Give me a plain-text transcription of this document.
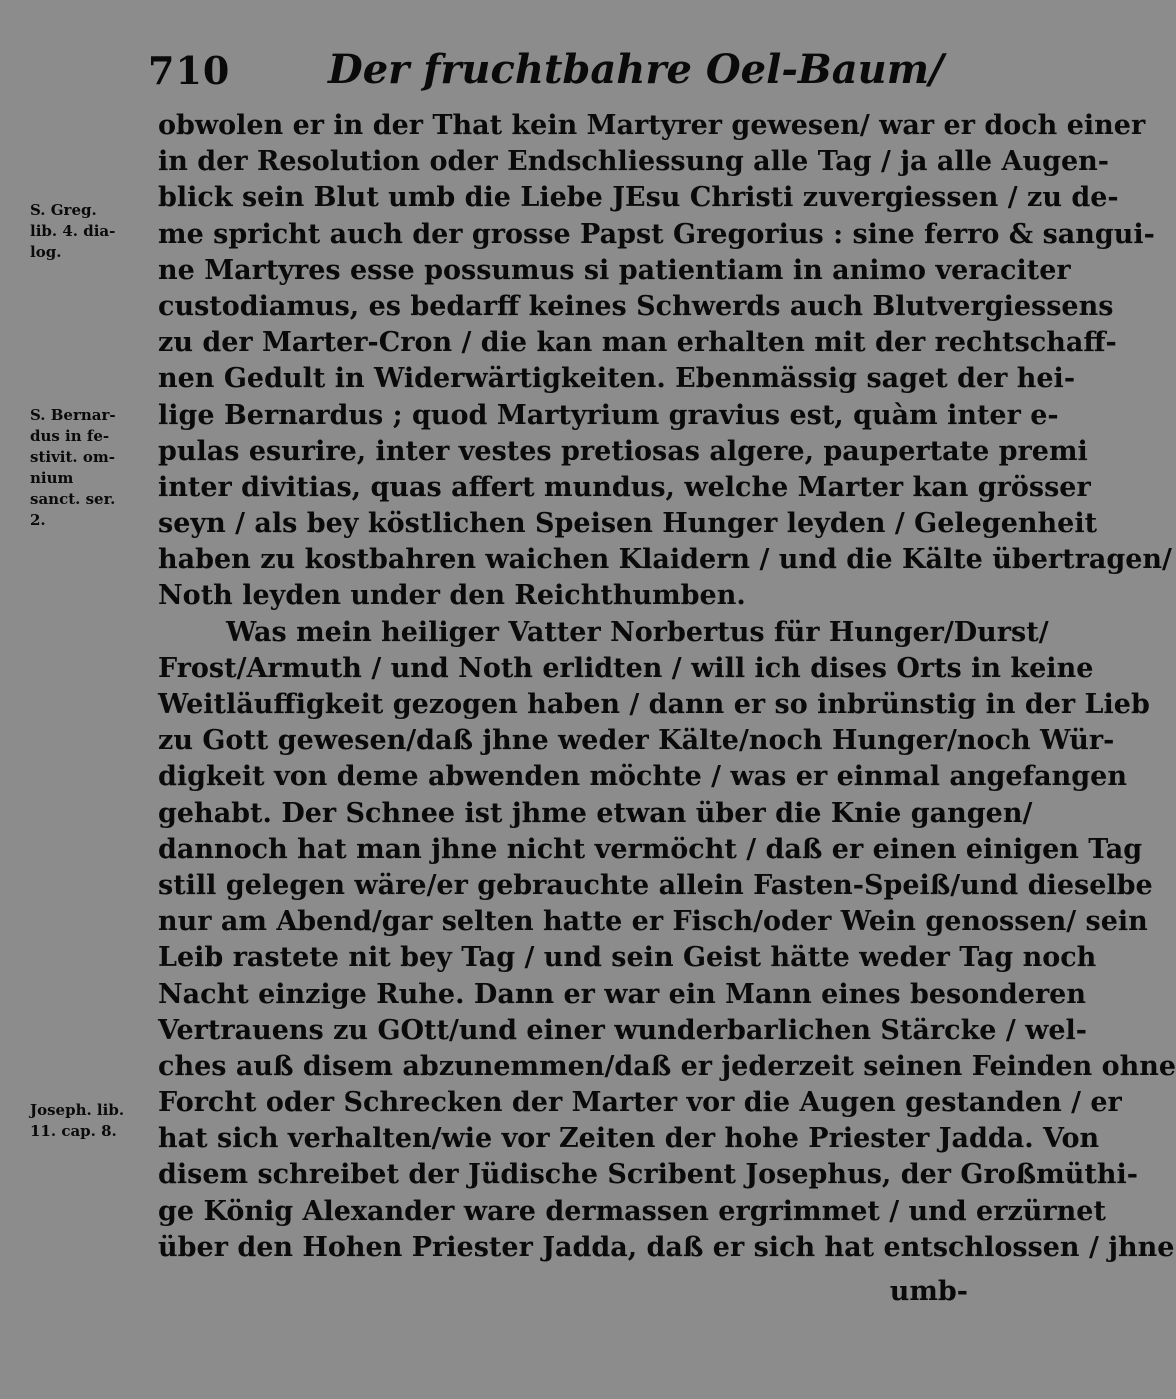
710 Der fruchtbahre Oel-Baum/
S. Greg.
lib. 4. dia-
log.
S. Bernar-
dus in fe-
stivit. om-
nium
sanct. ser.
2.
Joseph. lib.
11. cap. 8.
obwolen er in der That kein Martyrer gewesen/ war er doch einer
in der Resolution oder Endschliessung alle Tag / ja alle Augen-
blick sein Blut umb die Liebe JEsu Christi zuvergiessen / zu de-
me spricht auch der grosse Papst Gregorius : sine ferro & sangui-
ne Martyres esse possumus si patientiam in animo veraciter
custodiamus, es bedarff keines Schwerds auch Blutvergiessens
zu der Marter-Cron / die kan man erhalten mit der rechtschaff-
nen Gedult in Widerwärtigkeiten. Ebenmässig saget der hei-
lige Bernardus ; quod Martyrium gravius est, quàm inter e-
pulas esurire, inter vestes pretiosas algere, paupertate premi
inter divitias, quas affert mundus, welche Marter kan grösser
seyn / als bey köstlichen Speisen Hunger leyden / Gelegenheit
haben zu kostbahren waichen Klaidern / und die Kälte übertragen/
Noth leyden under den Reichthumben.
Was mein heiliger Vatter Norbertus für Hunger/Durst/
Frost/Armuth / und Noth erlidten / will ich dises Orts in keine
Weitläuffigkeit gezogen haben / dann er so inbrünstig in der Lieb
zu Gott gewesen/daß jhne weder Kälte/noch Hunger/noch Wür-
digkeit von deme abwenden möchte / was er einmal angefangen
gehabt. Der Schnee ist jhme etwan über die Knie gangen/
dannoch hat man jhne nicht vermöcht / daß er einen einigen Tag
still gelegen wäre/er gebrauchte allein Fasten-Speiß/und dieselbe
nur am Abend/gar selten hatte er Fisch/oder Wein genossen/ sein
Leib rastete nit bey Tag / und sein Geist hätte weder Tag noch
Nacht einzige Ruhe. Dann er war ein Mann eines besonderen
Vertrauens zu GOtt/und einer wunderbarlichen Stärcke / wel-
ches auß disem abzunemmen/daß er jederzeit seinen Feinden ohne
Forcht oder Schrecken der Marter vor die Augen gestanden / er
hat sich verhalten/wie vor Zeiten der hohe Priester Jadda. Von
disem schreibet der Jüdische Scribent Josephus, der Großmüthi-
ge König Alexander ware dermassen ergrimmet / und erzürnet
über den Hohen Priester Jadda, daß er sich hat entschlossen / jhne
umb-
